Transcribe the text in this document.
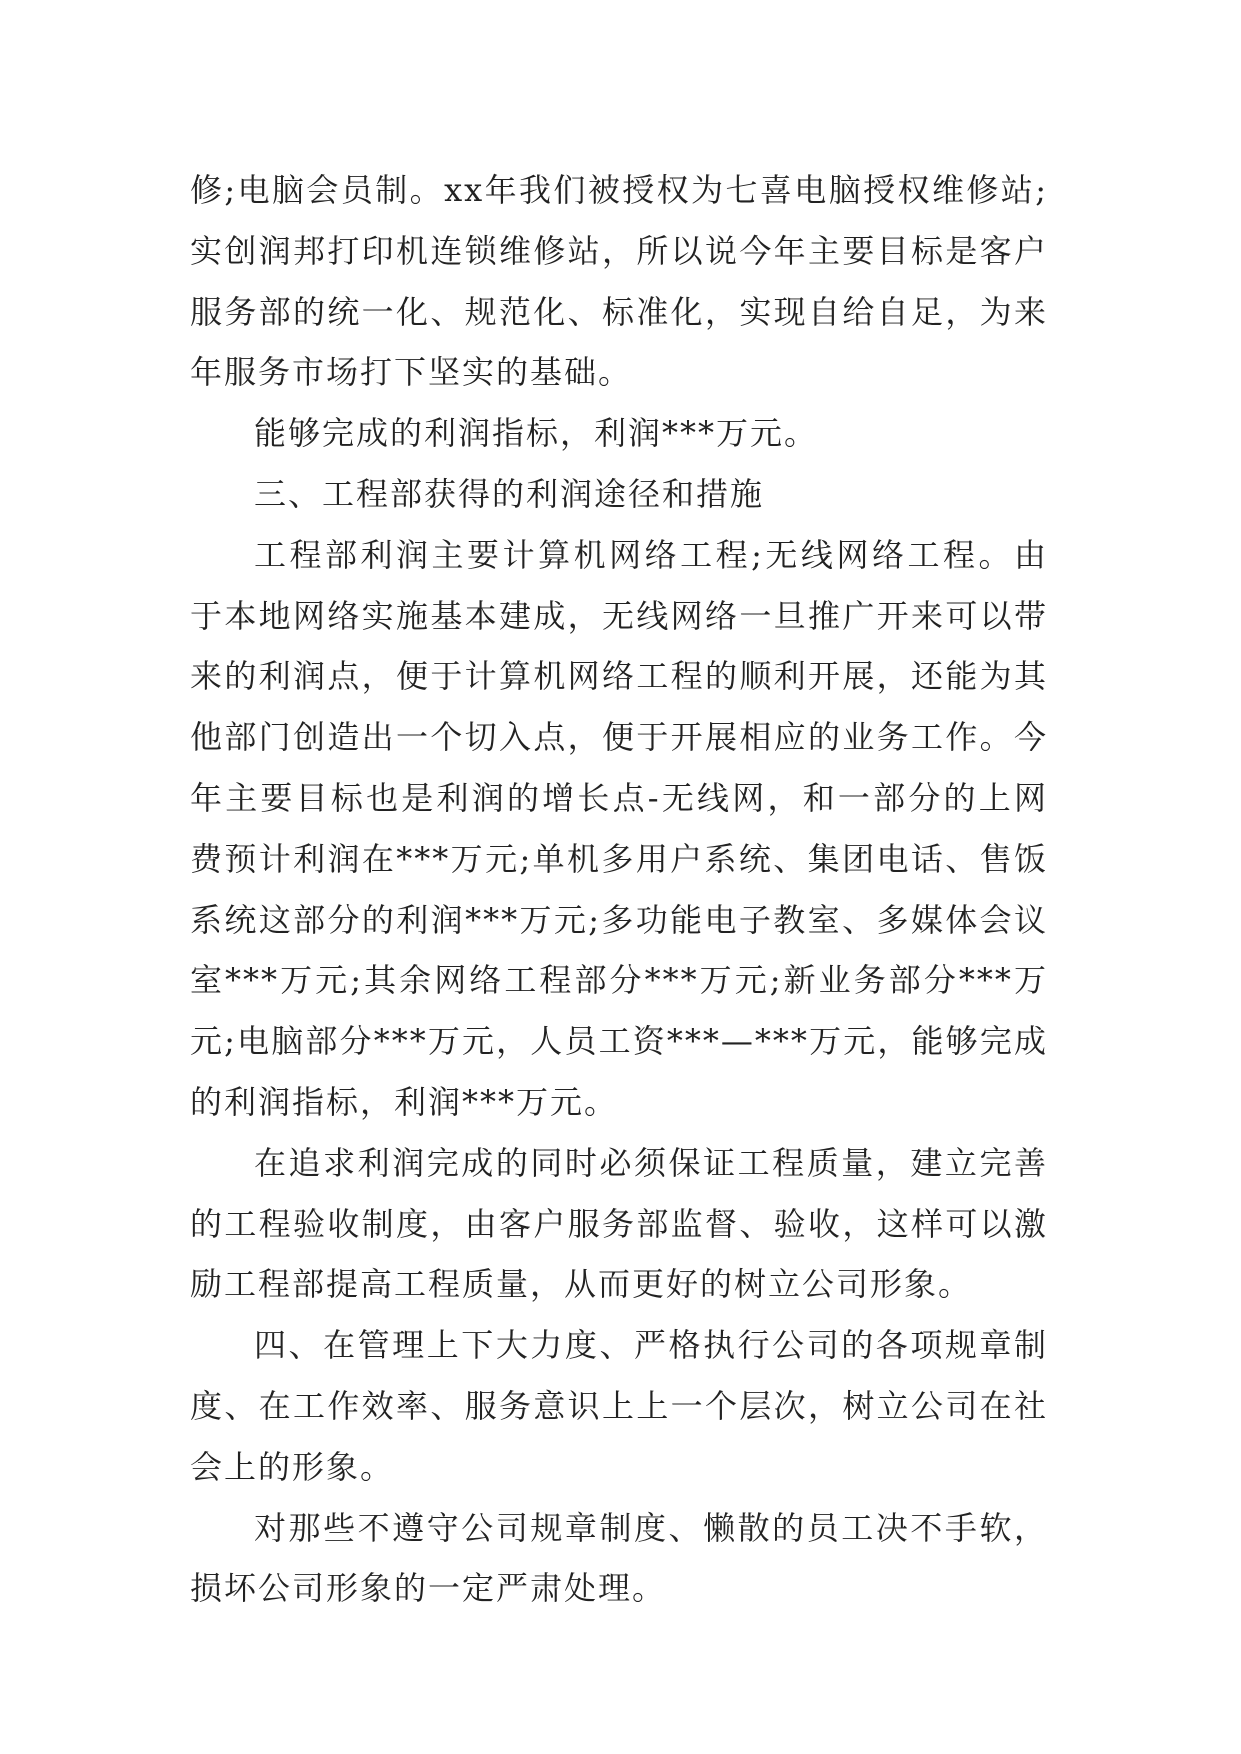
修;电脑会员制。xx年我们被授权为七喜电脑授权维修站;实创润邦打印机连锁维修站，所以说今年主要目标是客户服务部的统一化、规范化、标准化，实现自给自足，为来年服务市场打下坚实的基础。

能够完成的利润指标，利润***万元。

三、工程部获得的利润途径和措施

工程部利润主要计算机网络工程;无线网络工程。由于本地网络实施基本建成，无线网络一旦推广开来可以带来的利润点，便于计算机网络工程的顺利开展，还能为其他部门创造出一个切入点，便于开展相应的业务工作。今年主要目标也是利润的增长点-无线网，和一部分的上网费预计利润在***万元;单机多用户系统、集团电话、售饭系统这部分的利润***万元;多功能电子教室、多媒体会议室***万元;其余网络工程部分***万元;新业务部分***万元;电脑部分***万元，人员工资***—***万元，能够完成的利润指标，利润***万元。

在追求利润完成的同时必须保证工程质量，建立完善的工程验收制度，由客户服务部监督、验收，这样可以激励工程部提高工程质量，从而更好的树立公司形象。

四、在管理上下大力度、严格执行公司的各项规章制度、在工作效率、服务意识上上一个层次，树立公司在社会上的形象。

对那些不遵守公司规章制度、懒散的员工决不手软，损坏公司形象的一定严肃处理。
